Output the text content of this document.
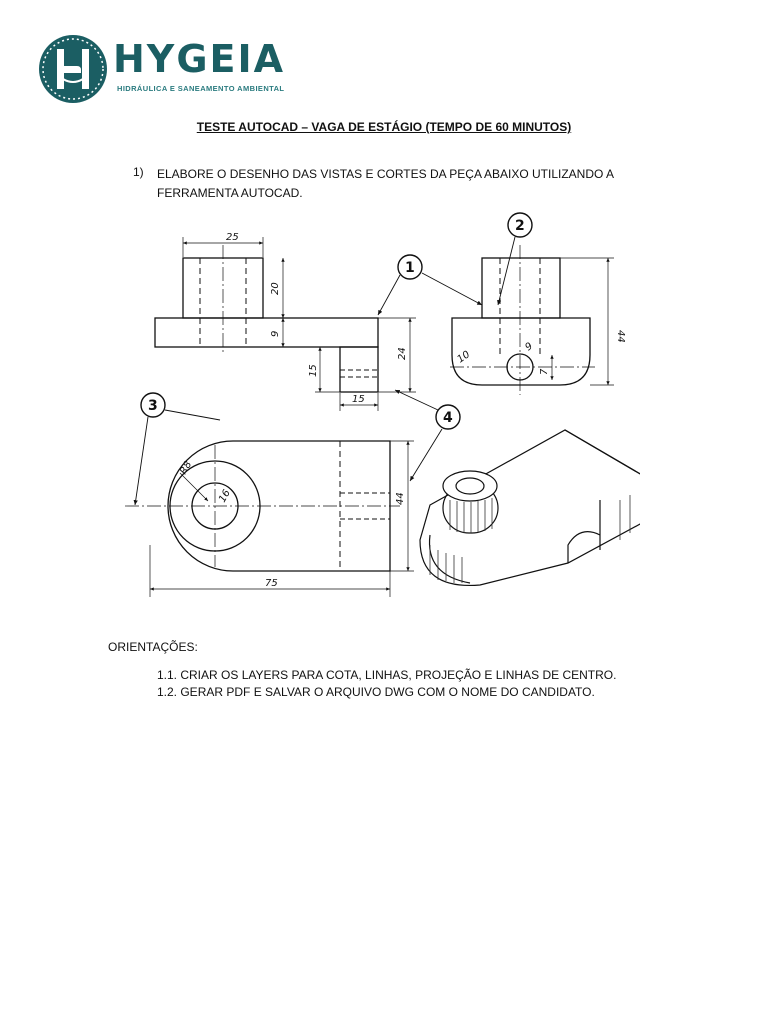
HYGEIA
HIDRÁULICA E SANEAMENTO AMBIENTAL
TESTE AUTOCAD – VAGA DE ESTÁGIO (TEMPO DE 60 MINUTOS)
1) ELABORE O DESENHO DAS VISTAS E CORTES DA PEÇA ABAIXO UTILIZANDO A FERRAMENTA AUTOCAD.
1
2
3
4
25
20
9
24
15
15
44
10
9
7
R8
16	44
75
ORIENTAÇÕES:
1.1. CRIAR OS LAYERS PARA COTA, LINHAS, PROJEÇÃO E LINHAS DE CENTRO.
1.2. GERAR PDF E SALVAR O ARQUIVO DWG COM O NOME DO CANDIDATO.
